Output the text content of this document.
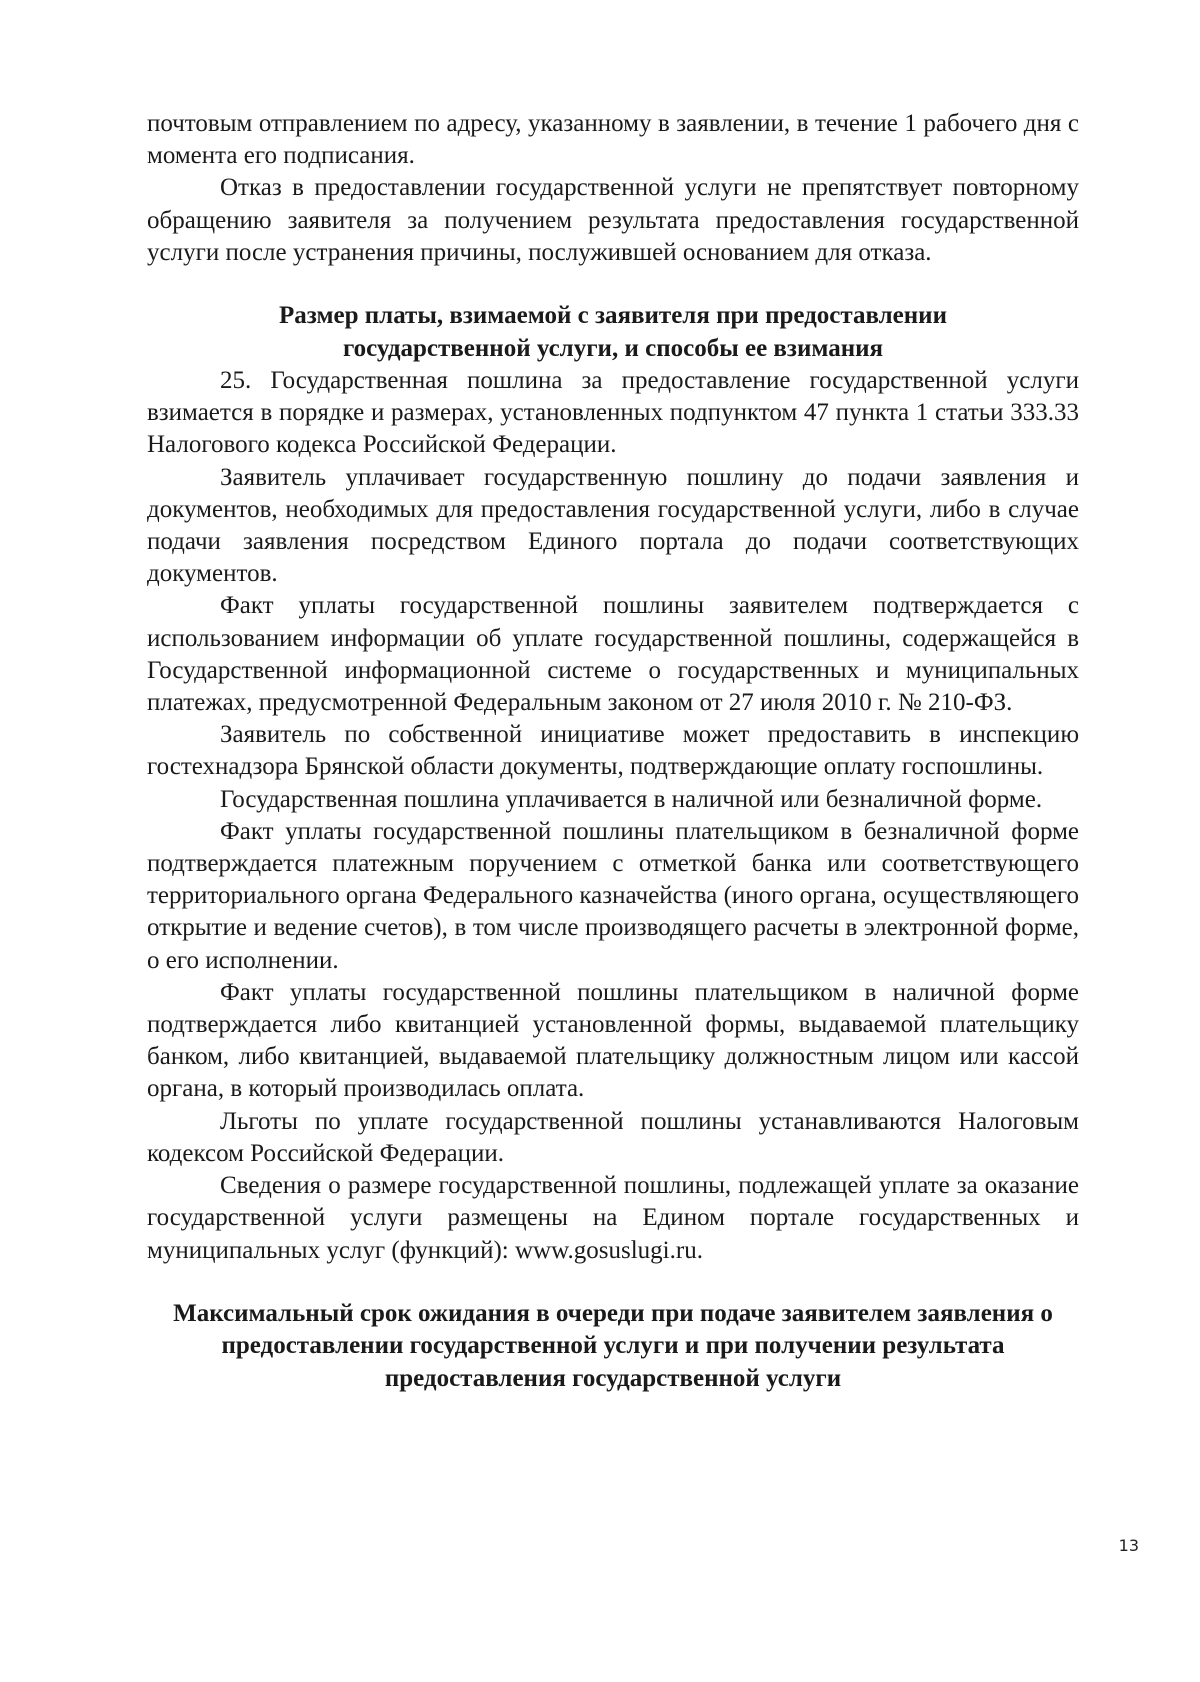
почтовым отправлением по адресу, указанному в заявлении, в течение 1 рабочего дня с момента его подписания.

Отказ в предоставлении государственной услуги не препятствует повторному обращению заявителя за получением результата предоставления государственной услуги после устранения причины, послужившей основанием для отказа.

Размер платы, взимаемой с заявителя при предоставлении государственной услуги, и способы ее взимания

25. Государственная пошлина за предоставление государственной услуги взимается в порядке и размерах, установленных подпунктом 47 пункта 1 статьи 333.33 Налогового кодекса Российской Федерации.

Заявитель уплачивает государственную пошлину до подачи заявления и документов, необходимых для предоставления государственной услуги, либо в случае подачи заявления посредством Единого портала до подачи соответствующих документов.

Факт уплаты государственной пошлины заявителем подтверждается с использованием информации об уплате государственной пошлины, содержащейся в Государственной информационной системе о государственных и муниципальных платежах, предусмотренной Федеральным законом от 27 июля 2010 г. № 210-ФЗ.

Заявитель по собственной инициативе может предоставить в инспекцию гостехнадзора Брянской области документы, подтверждающие оплату госпошлины.

Государственная пошлина уплачивается в наличной или безналичной форме.

Факт уплаты государственной пошлины плательщиком в безналичной форме подтверждается платежным поручением с отметкой банка или соответствующего территориального органа Федерального казначейства (иного органа, осуществляющего открытие и ведение счетов), в том числе производящего расчеты в электронной форме, о его исполнении.

Факт уплаты государственной пошлины плательщиком в наличной форме подтверждается либо квитанцией установленной формы, выдаваемой плательщику банком, либо квитанцией, выдаваемой плательщику должностным лицом или кассой органа, в который производилась оплата.

Льготы по уплате государственной пошлины устанавливаются Налоговым кодексом Российской Федерации.

Сведения о размере государственной пошлины, подлежащей уплате за оказание государственной услуги размещены на Едином портале государственных и муниципальных услуг (функций): www.gosuslugi.ru.

Максимальный срок ожидания в очереди при подаче заявителем заявления о предоставлении государственной услуги и при получении результата предоставления государственной услуги

13
